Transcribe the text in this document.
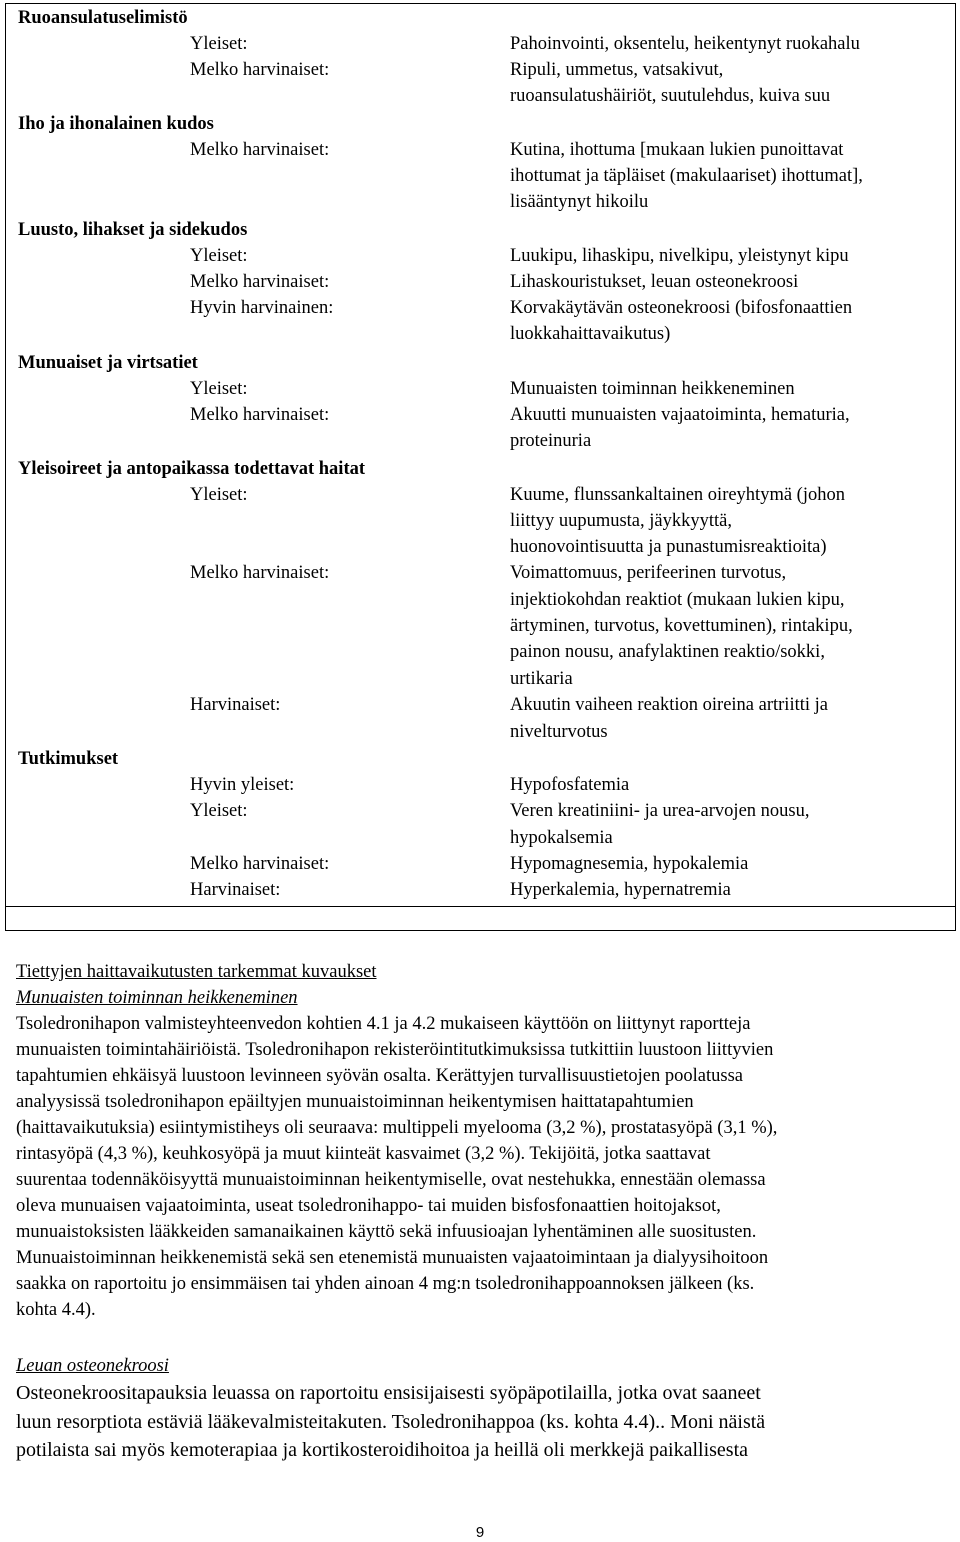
Ruoansulatuselimistö
Yleiset:	Pahoinvointi, oksentelu, heikentynyt ruokahalu
Melko harvinaiset:	Ripuli, ummetus, vatsakivut,
ruoansulatushäiriöt, suutulehdus, kuiva suu
Iho ja ihonalainen kudos
Melko harvinaiset:	Kutina, ihottuma [mukaan lukien punoittavat
ihottumat ja täpläiset (makulaariset) ihottumat],
lisääntynyt hikoilu
Luusto, lihakset ja sidekudos
Yleiset:	Luukipu, lihaskipu, nivelkipu, yleistynyt kipu
Melko harvinaiset:	Lihaskouristukset, leuan osteonekroosi
Hyvin harvinainen:	Korvakäytävän osteonekroosi (bifosfonaattien
luokkahaittavaikutus)
Munuaiset ja virtsatiet
Yleiset:	Munuaisten toiminnan heikkeneminen
Melko harvinaiset:	Akuutti munuaisten vajaatoiminta, hematuria,
proteinuria
Yleisoireet ja antopaikassa todettavat haitat
Yleiset:	Kuume, flunssankaltainen oireyhtymä (johon
liittyy uupumusta, jäykkyyttä,
huonovointisuutta ja punastumisreaktioita)
Melko harvinaiset:	Voimattomuus, perifeerinen turvotus,
injektiokohdan reaktiot (mukaan lukien kipu,
ärtyminen, turvotus, kovettuminen), rintakipu,
painon nousu, anafylaktinen reaktio/sokki,
urtikaria
Harvinaiset:	Akuutin vaiheen reaktion oireina artriitti ja
nivelturvotus
Tutkimukset
Hyvin yleiset:	Hypofosfatemia
Yleiset:	Veren kreatiniini- ja urea-arvojen nousu,
hypokalsemia
Melko harvinaiset:	Hypomagnesemia, hypokalemia
Harvinaiset:	Hyperkalemia, hypernatremia
Tiettyjen haittavaikutusten tarkemmat kuvaukset
Munuaisten toiminnan heikkeneminen
Tsoledronihapon valmisteyhteenvedon kohtien 4.1 ja 4.2 mukaiseen käyttöön on liittynyt raportteja
munuaisten toimintahäiriöistä. Tsoledronihapon rekisteröintitutkimuksissa tutkittiin luustoon liittyvien
tapahtumien ehkäisyä luustoon levinneen syövän osalta. Kerättyjen turvallisuustietojen poolatussa
analyysissä tsoledronihapon epäiltyjen munuaistoiminnan heikentymisen haittatapahtumien
(haittavaikutuksia) esiintymistiheys oli seuraava: multippeli myelooma (3,2 %), prostatasyöpä (3,1 %),
rintasyöpä (4,3 %), keuhkosyöpä ja muut kiinteät kasvaimet (3,2 %). Tekijöitä, jotka saattavat
suurentaa todennäköisyyttä munuaistoiminnan heikentymiselle, ovat nestehukka, ennestään olemassa
oleva munuaisen vajaatoiminta, useat tsoledronihappo- tai muiden bisfosfonaattien hoitojaksot,
munuaistoksisten lääkkeiden samanaikainen käyttö sekä infuusioajan lyhentäminen alle suositusten.
Munuaistoiminnan heikkenemistä sekä sen etenemistä munuaisten vajaatoimintaan ja dialyysihoitoon
saakka on raportoitu jo ensimmäisen tai yhden ainoan 4 mg:n tsoledronihappoannoksen jälkeen (ks.
kohta 4.4).
Leuan osteonekroosi
Osteonekroositapauksia leuassa on raportoitu ensisijaisesti syöpäpotilailla, jotka ovat saaneet
luun resorptiota estäviä lääkevalmisteitakuten. Tsoledronihappoa (ks. kohta 4.4).. Moni näistä
potilaista sai myös kemoterapiaa ja kortikosteroidihoitoa ja heillä oli merkkejä paikallisesta
9
